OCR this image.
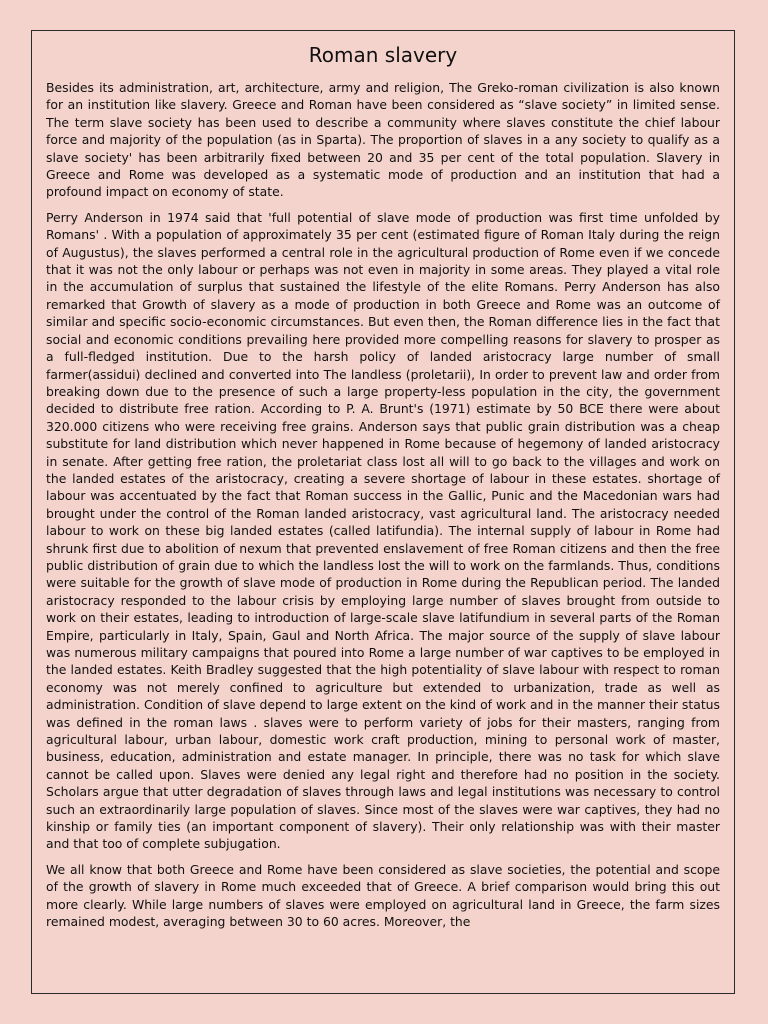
Roman slavery

Besides its administration, art, architecture, army and religion, The Greko-roman civilization is also known for an institution like slavery. Greece and Roman have been considered as “slave society” in limited sense. The term slave society has been used to describe a community where slaves constitute the chief labour force and majority of the population (as in Sparta). The proportion of slaves in a any society to qualify as a slave society' has been arbitrarily fixed between 20 and 35 per cent of the total population. Slavery in Greece and Rome was developed as a systematic mode of production and an institution that had a profound impact on economy of state.

Perry Anderson in 1974 said that 'full potential of slave mode of production was first time unfolded by Romans' . With a population of approximately 35 per cent (estimated figure of Roman Italy during the reign of Augustus), the slaves performed a central role in the agricultural production of Rome even if we concede that it was not the only labour or perhaps was not even in majority in some areas. They played a vital role in the accumulation of surplus that sustained the lifestyle of the elite Romans. Perry Anderson has also remarked that Growth of slavery as a mode of production in both Greece and Rome was an outcome of similar and specific socio-economic circumstances. But even then, the Roman difference lies in the fact that social and economic conditions prevailing here provided more compelling reasons for slavery to prosper as a full-fledged institution. Due to the harsh policy of landed aristocracy large number of small farmer(assidui) declined and converted into The landless (proletarii), In order to prevent law and order from breaking down due to the presence of such a large property-less population in the city, the government decided to distribute free ration. According to P. A. Brunt's (1971) estimate by 50 BCE there were about 320.000 citizens who were receiving free grains. Anderson says that public grain distribution was a cheap substitute for land distribution which never happened in Rome because of hegemony of landed aristocracy in senate. After getting free ration, the proletariat class lost all will to go back to the villages and work on the landed estates of the aristocracy, creating a severe shortage of labour in these estates. shortage of labour was accentuated by the fact that Roman success in the Gallic, Punic and the Macedonian wars had brought under the control of the Roman landed aristocracy, vast agricultural land. The aristocracy needed labour to work on these big landed estates (called latifundia). The internal supply of labour in Rome had shrunk first due to abolition of nexum that prevented enslavement of free Roman citizens and then the free public distribution of grain due to which the landless lost the will to work on the farmlands. Thus, conditions were suitable for the growth of slave mode of production in Rome during the Republican period. The landed aristocracy responded to the labour crisis by employing large number of slaves brought from outside to work on their estates, leading to introduction of large-scale slave latifundium in several parts of the Roman Empire, particularly in Italy, Spain, Gaul and North Africa. The major source of the supply of slave labour was numerous military campaigns that poured into Rome a large number of war captives to be employed in the landed estates. Keith Bradley suggested that the high potentiality of slave labour with respect to roman economy was not merely confined to agriculture but extended to urbanization, trade as well as administration. Condition of slave depend to large extent on the kind of work and in the manner their status was defined in the roman laws . slaves were to perform variety of jobs for their masters, ranging from agricultural labour, urban labour, domestic work craft production, mining to personal work of master, business, education, administration and estate manager. In principle, there was no task for which slave cannot be called upon. Slaves were denied any legal right and therefore had no position in the society. Scholars argue that utter degradation of slaves through laws and legal institutions was necessary to control such an extraordinarily large population of slaves. Since most of the slaves were war captives, they had no kinship or family ties (an important component of slavery). Their only relationship was with their master and that too of complete subjugation.

We all know that both Greece and Rome have been considered as slave societies, the potential and scope of the growth of slavery in Rome much exceeded that of Greece. A brief comparison would bring this out more clearly. While large numbers of slaves were employed on agricultural land in Greece, the farm sizes remained modest, averaging between 30 to 60 acres. Moreover, the
